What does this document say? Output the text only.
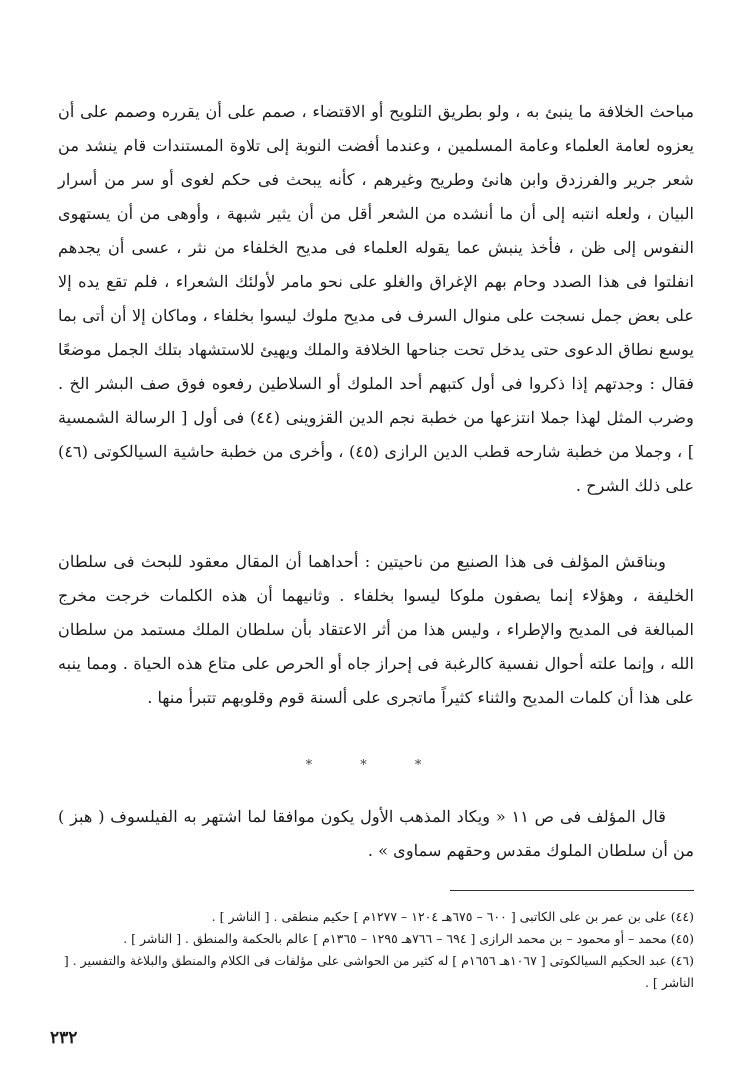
مباحث الخلافة ما ينبئ به ، ولو بطريق التلويح أو الاقتضاء ، صمم على أن يقرره وصمم على أن يعزوه لعامة العلماء وعامة المسلمين ، وعندما أفضت النوبة إلى تلاوة المستندات قام ينشد من شعر جرير والفرزدق وابن هانئ وطريح وغيرهم ، كأنه يبحث فى حكم لغوى أو سر من أسرار البيان ، ولعله انتبه إلى أن ما أنشده من الشعر أقل من أن يثير شبهة ، وأوهى من أن يستهوى النفوس إلى ظن ، فأخذ ينبش عما يقوله العلماء فى مديح الخلفاء من نثر ، عسى أن يجدهم انفلتوا فى هذا الصدد وحام بهم الإغراق والغلو على نحو مامر لأولئك الشعراء ، فلم تقع يده إلا على بعض جمل نسجت على منوال السرف فى مديح ملوك ليسوا بخلفاء ، وماكان إلا أن أتى بما يوسع نطاق الدعوى حتى يدخل تحت جناحها الخلافة والملك ويهيئ للاستشهاد بتلك الجمل موضعًا فقال : وجدتهم إذا ذكروا فى أول كتبهم أحد الملوك أو السلاطين رفعوه فوق صف البشر الخ . وضرب المثل لهذا جملا انتزعها من خطبة نجم الدين القزوينى (٤٤) فى أول [ الرسالة الشمسية ] ، وجملا من خطبة شارحه قطب الدين الرازى (٤٥) ، وأخرى من خطبة حاشية السيالكوتى (٤٦) على ذلك الشرح .

وبناقش المؤلف فى هذا الصنيع من ناحيتين : أحداهما أن المقال معقود للبحث فى سلطان الخليفة ، وهؤلاء إنما يصفون ملوكا ليسوا بخلفاء . وثانيهما أن هذه الكلمات خرجت مخرج المبالغة فى المديح والإطراء ، وليس هذا من أثر الاعتقاد بأن سلطان الملك مستمد من سلطان الله ، وإنما علته أحوال نفسية كالرغبة فى إحراز جاه أو الحرص على متاع هذه الحياة . ومما ينبه على هذا أن كلمات المديح والثناء كثيراً ماتجرى على ألسنة قوم وقلوبهم تتبرأ منها .

* * *

قال المؤلف فى ص ١١ « ويكاد المذهب الأول يكون موافقا لما اشتهر به الفيلسوف ( هبز ) من أن سلطان الملوك مقدس وحقهم سماوى » .

(٤٤) على بن عمر بن على الكاتبى [ ٦٠٠ – ٦٧٥هـ ١٢٠٤ – ١٢٧٧م ] حكيم منطقى . [ الناشر ] .

(٤٥) محمد – أو محمود – بن محمد الرازى [ ٦٩٤ – ٧٦٦هـ ١٢٩٥ – ١٣٦٥م ] عالم بالحكمة والمنطق . [ الناشر ] .

(٤٦) عبد الحكيم السيالكوتى [ ١٠٦٧هـ ١٦٥٦م ] له كثير من الحواشى على مؤلفات فى الكلام والمنطق والبلاغة والتفسير . [ الناشر ] .

٢٣٢
